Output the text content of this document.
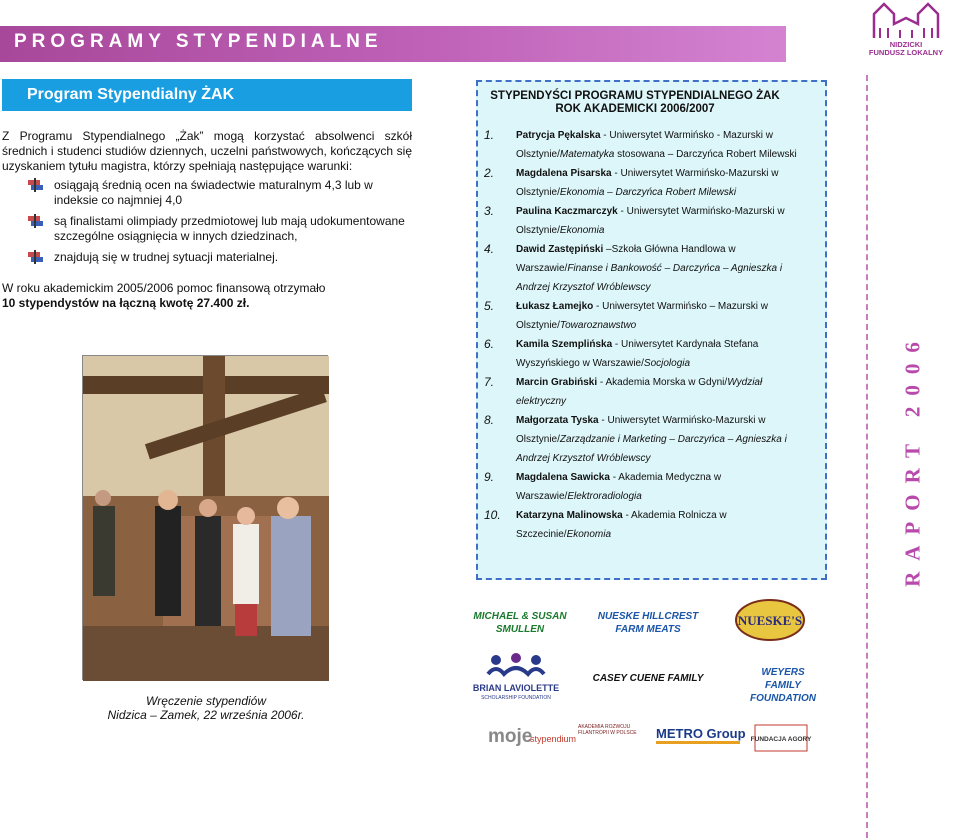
PROGRAMY STYPENDIALNE	NIDZICKI
FUNDUSZ LOKALNY
Program Stypendialny ŻAK
Z Programu Stypendialnego „Żak” mogą korzystać absolwenci szkół średnich i studenci studiów dziennych, uczelni państwowych, kończących się uzyskaniem tytułu magistra, którzy spełniają następujące warunki:
osiągają średnią ocen na świadectwie maturalnym 4,3 lub w indeksie co najmniej 4,0
są finalistami olimpiady przedmiotowej lub mają udokumentowane szczególne osiągnięcia w innych dziedzinach,
znajdują się w trudnej sytuacji materialnej.
W roku akademickim 2005/2006 pomoc finansową otrzymało
10 stypendystów na łączną kwotę 27.400 zł.
Wręczenie stypendiów
Nidzica – Zamek, 22 września 2006r.
STYPENDYŚCI PROGRAMU STYPENDIALNEGO ŻAK
ROK AKADEMICKI 2006/2007
1. Patrycja Pękalska - Uniwersytet Warmińsko - Mazurski w Olsztynie/Matematyka stosowana – Darczyńca Robert Milewski
2. Magdalena Pisarska - Uniwersytet Warmińsko-Mazurski w Olsztynie/Ekonomia – Darczyńca Robert Milewski
3. Paulina Kaczmarczyk - Uniwersytet Warmińsko-Mazurski w Olsztynie/Ekonomia
4. Dawid Zastępiński –Szkoła Główna Handlowa w Warszawie/Finanse i Bankowość – Darczyńca – Agnieszka i Andrzej Krzysztof Wróblewscy
5. Łukasz Łamejko - Uniwersytet Warmińsko – Mazurski w Olsztynie/Towaroznawstwo
6. Kamila Szemplińska - Uniwersytet Kardynała Stefana Wyszyńskiego w Warszawie/Socjologia
7. Marcin Grabiński - Akademia Morska w Gdyni/Wydział elektryczny
8. Małgorzata Tyska - Uniwersytet Warmińsko-Mazurski w Olsztynie/Zarządzanie i Marketing – Darczyńca – Agnieszka i Andrzej Krzysztof Wróblewscy
9. Magdalena Sawicka - Akademia Medyczna w Warszawie/Elektroradiologia
10. Katarzyna Malinowska - Akademia Rolnicza w Szczecinie/Ekonomia
MICHAEL & SUSAN SMULLEN
NUESKE HILLCREST FARM MEATS
NUESKE'S
CASEY CUENE FAMILY
WEYERS FAMILY FOUNDATION
BRIAN LAVIOLETTE
SCHOLARSHIP FOUNDATION
moje
stypendium
AKADEMIA ROZWOJU FILANTROPII W POLSCE	METRO Group FUNDACJA AGORY
RAPORT 2006
